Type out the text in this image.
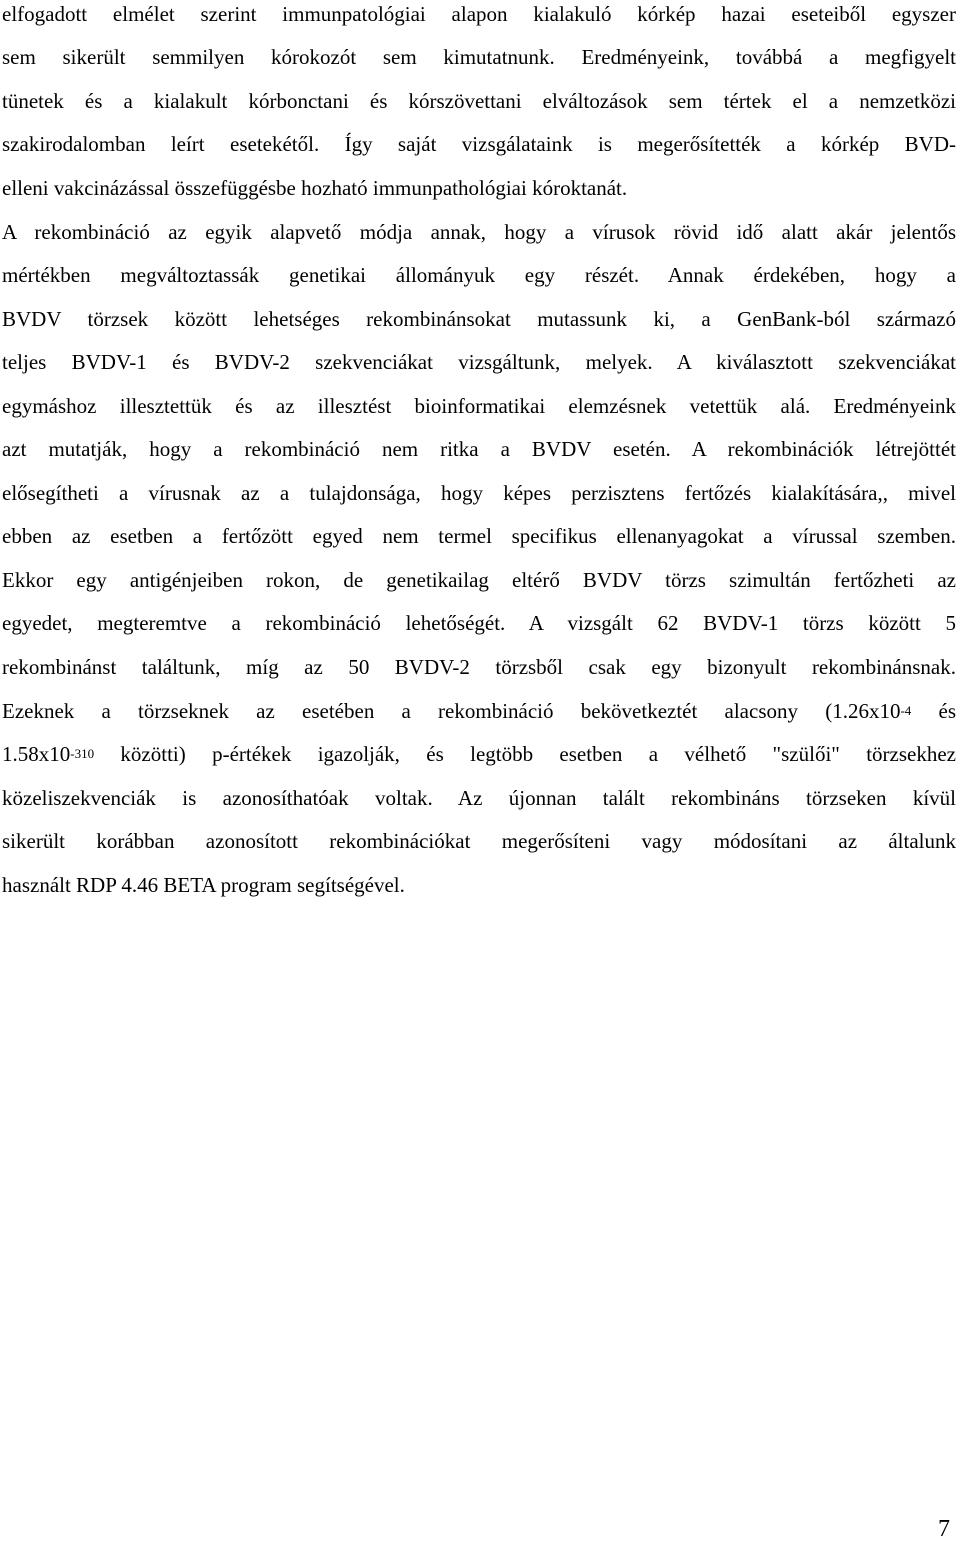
elfogadott elmélet szerint immunpatológiai alapon kialakuló kórkép hazai eseteiből egyszer
sem sikerült semmilyen kórokozót sem kimutatnunk. Eredményeink, továbbá a megfigyelt
tünetek és a kialakult kórbonctani és kórszövettani elváltozások sem tértek el a nemzetközi
szakirodalomban leírt esetekétől. Így saját vizsgálataink is megerősítették a kórkép BVD-
elleni vakcinázással összefüggésbe hozható immunpathológiai kóroktanát.
A rekombináció az egyik alapvető módja annak, hogy a vírusok rövid idő alatt akár jelentős
mértékben megváltoztassák genetikai állományuk egy részét. Annak érdekében, hogy a
BVDV törzsek között lehetséges rekombinánsokat mutassunk ki, a GenBank-ból származó
teljes BVDV-1 és BVDV-2 szekvenciákat vizsgáltunk, melyek. A kiválasztott szekvenciákat
egymáshoz illesztettük és az illesztést bioinformatikai elemzésnek vetettük alá. Eredményeink
azt mutatják, hogy a rekombináció nem ritka a BVDV esetén. A rekombinációk létrejöttét
elősegítheti a vírusnak az a tulajdonsága, hogy képes perzisztens fertőzés kialakítására,, mivel
ebben az esetben a fertőzött egyed nem termel specifikus ellenanyagokat a vírussal szemben.
Ekkor egy antigénjeiben rokon, de genetikailag eltérő BVDV törzs szimultán fertőzheti az
egyedet, megteremtve a rekombináció lehetőségét. A vizsgált 62 BVDV-1 törzs között 5
rekombinánst találtunk, míg az 50 BVDV-2 törzsből csak egy bizonyult rekombinánsnak.
Ezeknek a törzseknek az esetében a rekombináció bekövetkeztét alacsony ($1.26x10^{-4}$ és
$1.58x10^{-310}$ közötti) p-értékek igazolják, és legtöbb esetben a vélhető "szülői" törzsekhez
közeliszekvenciák is azonosíthatóak voltak. Az újonnan talált rekombináns törzseken kívül
sikerült korábban azonosított rekombinációkat megerősíteni vagy módosítani az általunk
használt RDP 4.46 BETA program segítségével.
7
